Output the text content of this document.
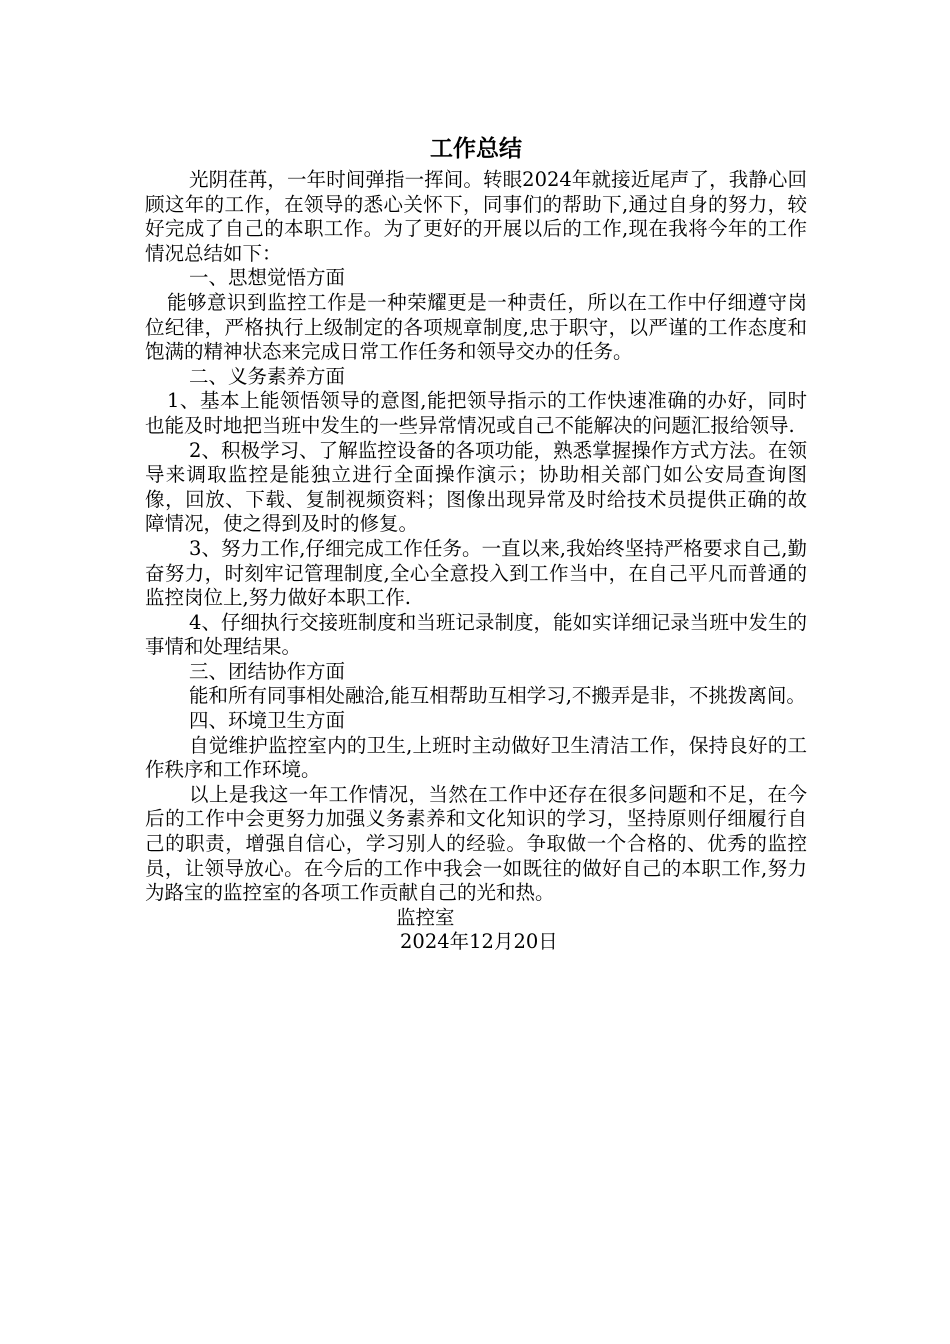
工作总结

光阴荏苒，一年时间弹指一挥间。转眼2024年就接近尾声了，我静心回顾这年的工作，在领导的悉心关怀下，同事们的帮助下,通过自身的努力，较好完成了自己的本职工作。为了更好的开展以后的工作,现在我将今年的工作情况总结如下：

一、思想觉悟方面

能够意识到监控工作是一种荣耀更是一种责任，所以在工作中仔细遵守岗位纪律，严格执行上级制定的各项规章制度,忠于职守，以严谨的工作态度和饱满的精神状态来完成日常工作任务和领导交办的任务。

二、义务素养方面

1、基本上能领悟领导的意图,能把领导指示的工作快速准确的办好，同时也能及时地把当班中发生的一些异常情况或自己不能解决的问题汇报给领导.

2、积极学习、了解监控设备的各项功能，熟悉掌握操作方式方法。在领导来调取监控是能独立进行全面操作演示；协助相关部门如公安局查询图像，回放、下载、复制视频资料；图像出现异常及时给技术员提供正确的故障情况，使之得到及时的修复。

3、努力工作,仔细完成工作任务。一直以来,我始终坚持严格要求自己,勤奋努力，时刻牢记管理制度,全心全意投入到工作当中，在自己平凡而普通的监控岗位上,努力做好本职工作.

4、仔细执行交接班制度和当班记录制度，能如实详细记录当班中发生的事情和处理结果。

三、团结协作方面

能和所有同事相处融洽,能互相帮助互相学习,不搬弄是非，不挑拨离间。

四、环境卫生方面

自觉维护监控室内的卫生,上班时主动做好卫生清洁工作，保持良好的工作秩序和工作环境。

以上是我这一年工作情况，当然在工作中还存在很多问题和不足，在今后的工作中会更努力加强义务素养和文化知识的学习，坚持原则仔细履行自己的职责，增强自信心，学习别人的经验。争取做一个合格的、优秀的监控员，让领导放心。在今后的工作中我会一如既往的做好自己的本职工作,努力为路宝的监控室的各项工作贡献自己的光和热。

监控室

2024年12月20日
